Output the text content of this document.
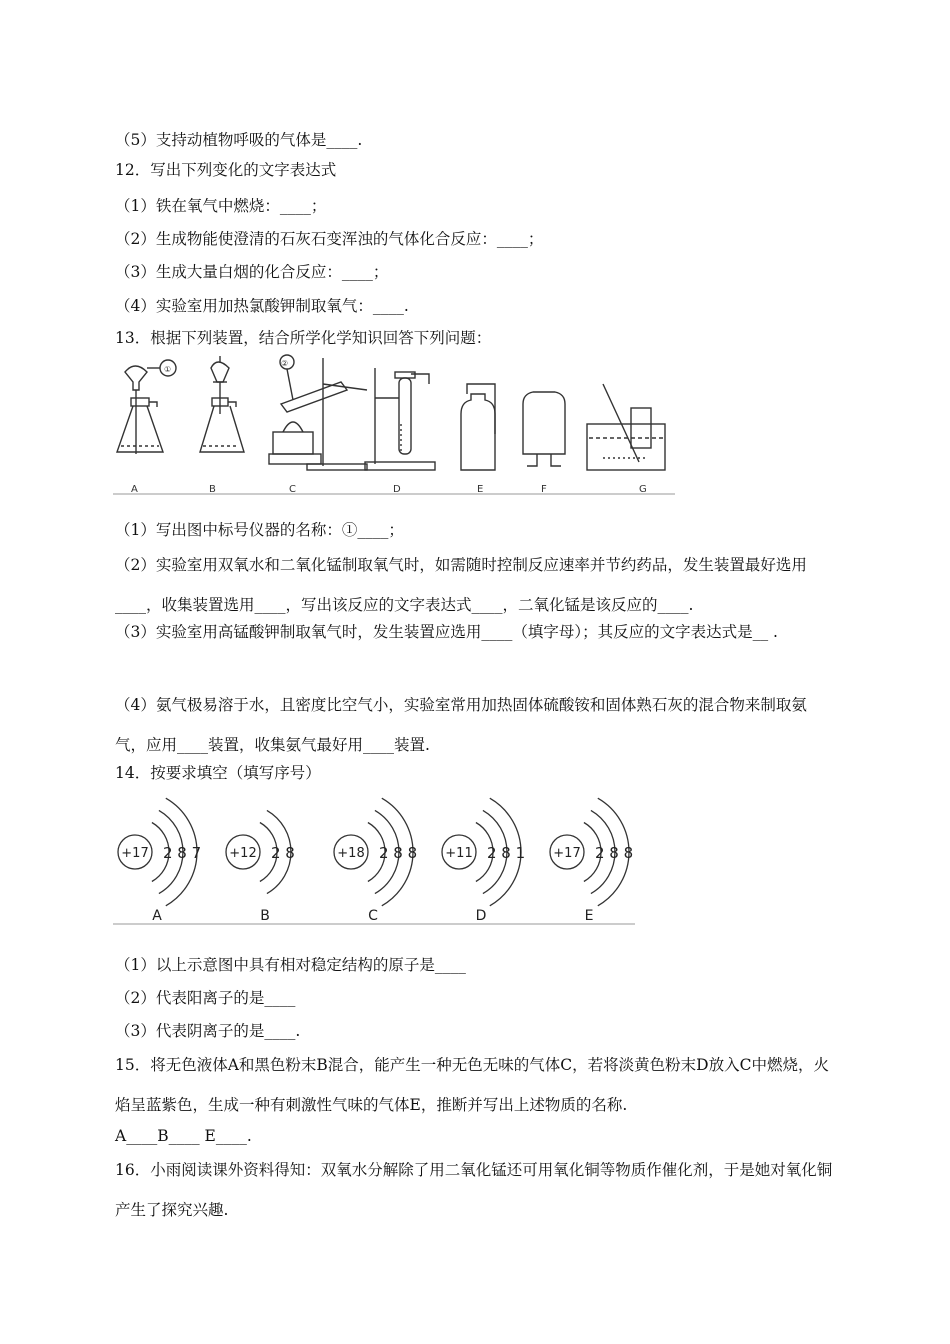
（5）支持动植物呼吸的气体是____.
12．写出下列变化的文字表达式
（1）铁在氧气中燃烧：____；
（2）生成物能使澄清的石灰石变浑浊的气体化合反应：____；
（3）生成大量白烟的化合反应：____；
（4）实验室用加热氯酸钾制取氧气：____.
13．根据下列装置，结合所学化学知识回答下列问题：
①
②
A	B	C	D	E	F	G
（1）写出图中标号仪器的名称：①____；
（2）实验室用双氧水和二氧化锰制取氧气时，如需随时控制反应速率并节约药品，发生装置最好选用____，收集装置选用____，写出该反应的文字表达式____，二氧化锰是该反应的____.
（3）实验室用高锰酸钾制取氧气时，发生装置应选用____（填字母）；其反应的文字表达式是__ .
（4）氨气极易溶于水，且密度比空气小，实验室常用加热固体硫酸铵和固体熟石灰的混合物来制取氨气，应用____装置，收集氨气最好用____装置.
14．按要求填空（填写序号）
+17 2 8 7
A
+12 2 8
B
+18 2 8 8
C
+11 2 8 1
D
+17 2 8 8
E
（1）以上示意图中具有相对稳定结构的原子是____
（2）代表阳离子的是____
（3）代表阴离子的是____.
15．将无色液体A和黑色粉末B混合，能产生一种无色无味的气体C，若将淡黄色粉末D放入C中燃烧，火焰呈蓝紫色，生成一种有刺激性气味的气体E，推断并写出上述物质的名称.
A____B____ E____.
16．小雨阅读课外资料得知：双氧水分解除了用二氧化锰还可用氧化铜等物质作催化剂，于是她对氧化铜产生了探究兴趣.
